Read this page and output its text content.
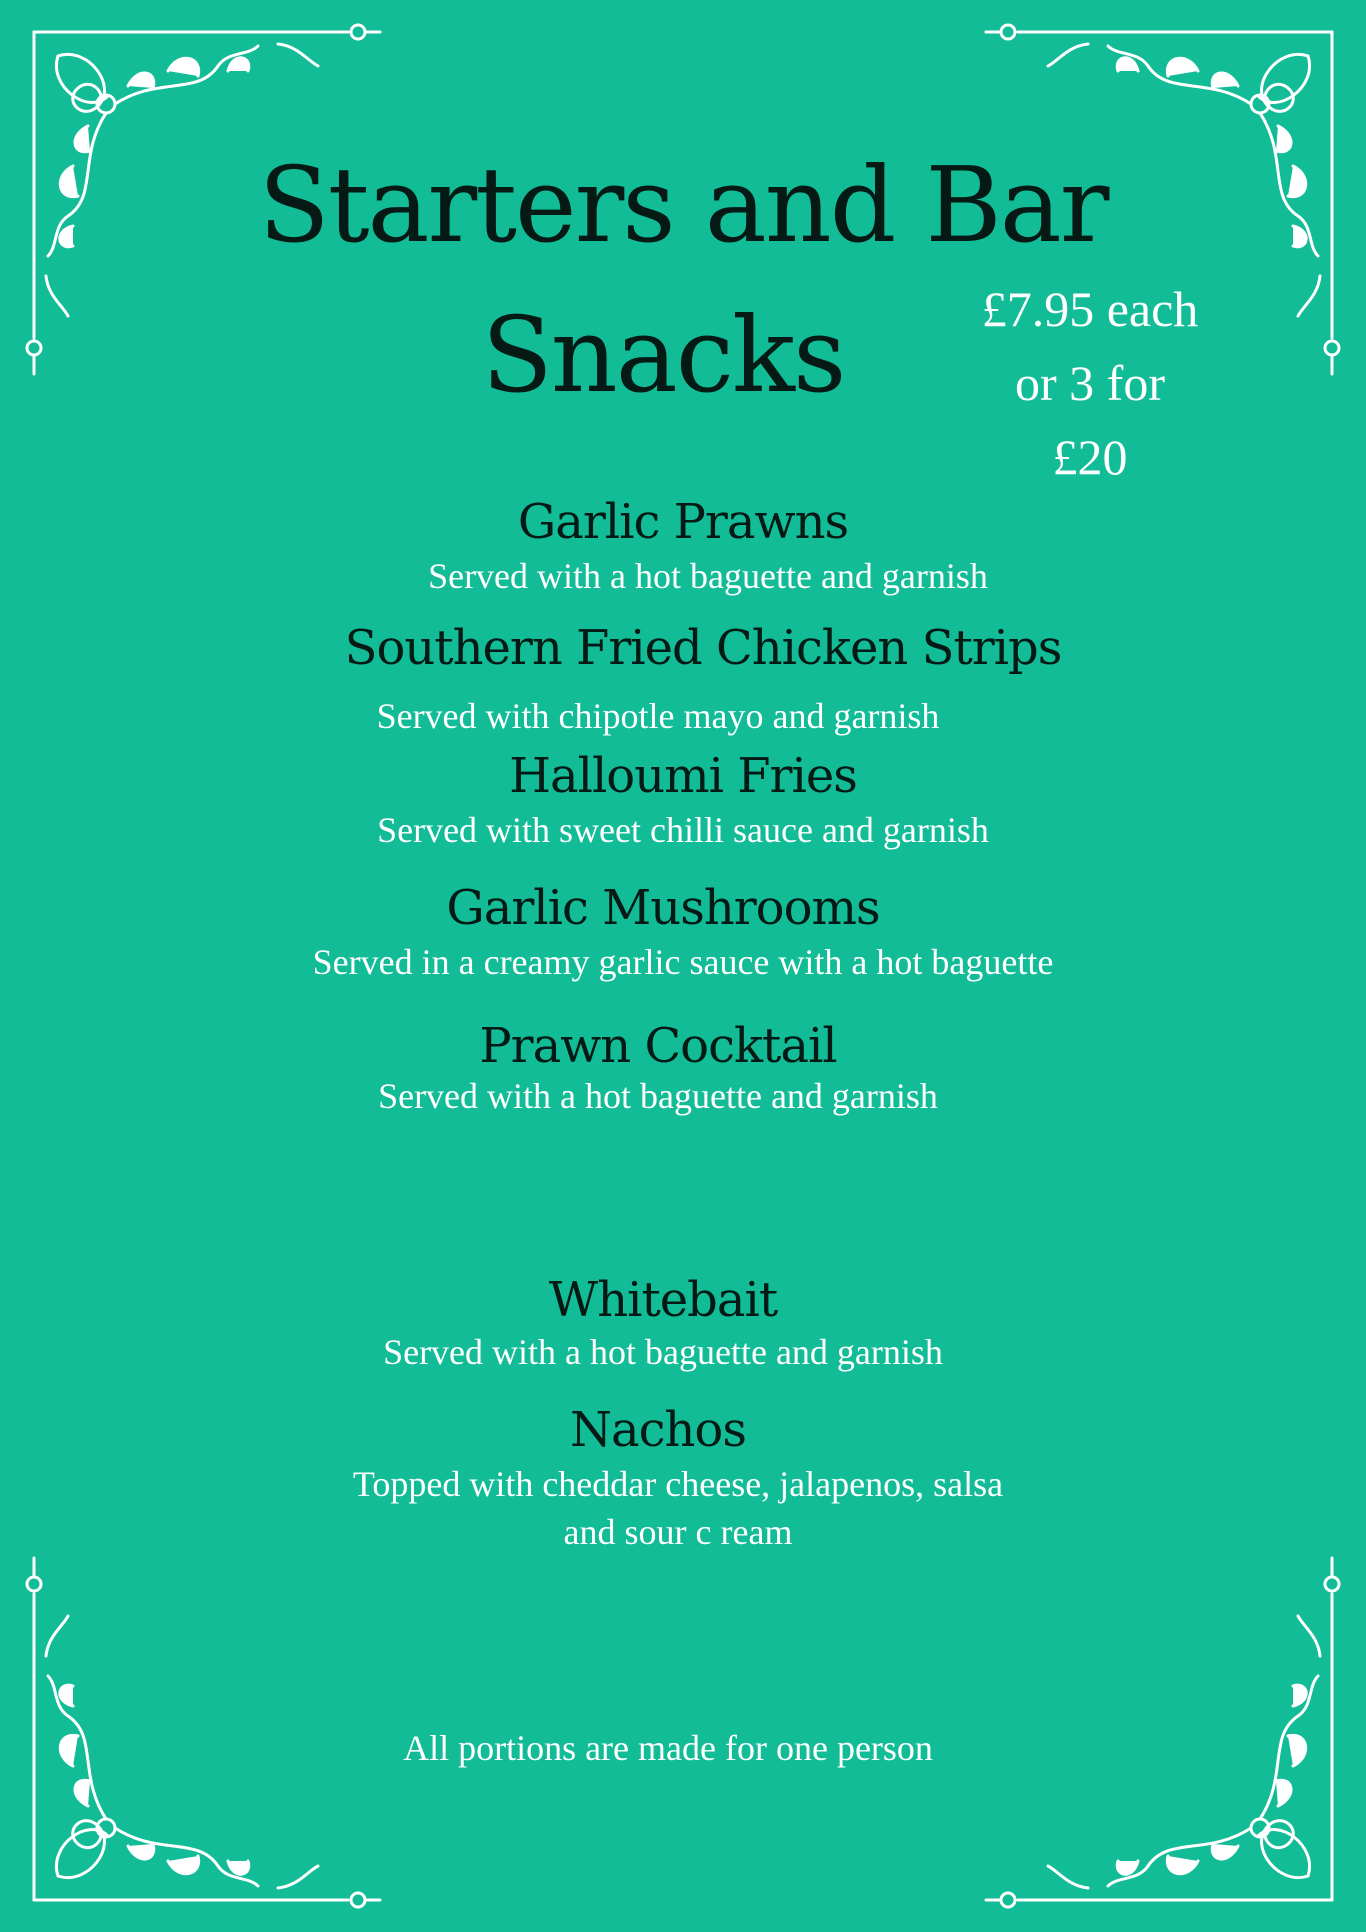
Starters and Bar
Snacks	£7.95 each
or 3 for
£20
Garlic Prawns
Served with a hot baguette and garnish
Southern Fried Chicken Strips
Served with chipotle mayo and garnish
Halloumi Fries
Served with sweet chilli sauce and garnish
Garlic Mushrooms
Served in a creamy garlic sauce with a hot baguette
Prawn Cocktail
Served with a hot baguette and garnish
Whitebait
Served with a hot baguette and garnish
Nachos
Topped with cheddar cheese, jalapenos, salsa
and sour c ream
All portions are made for one person
